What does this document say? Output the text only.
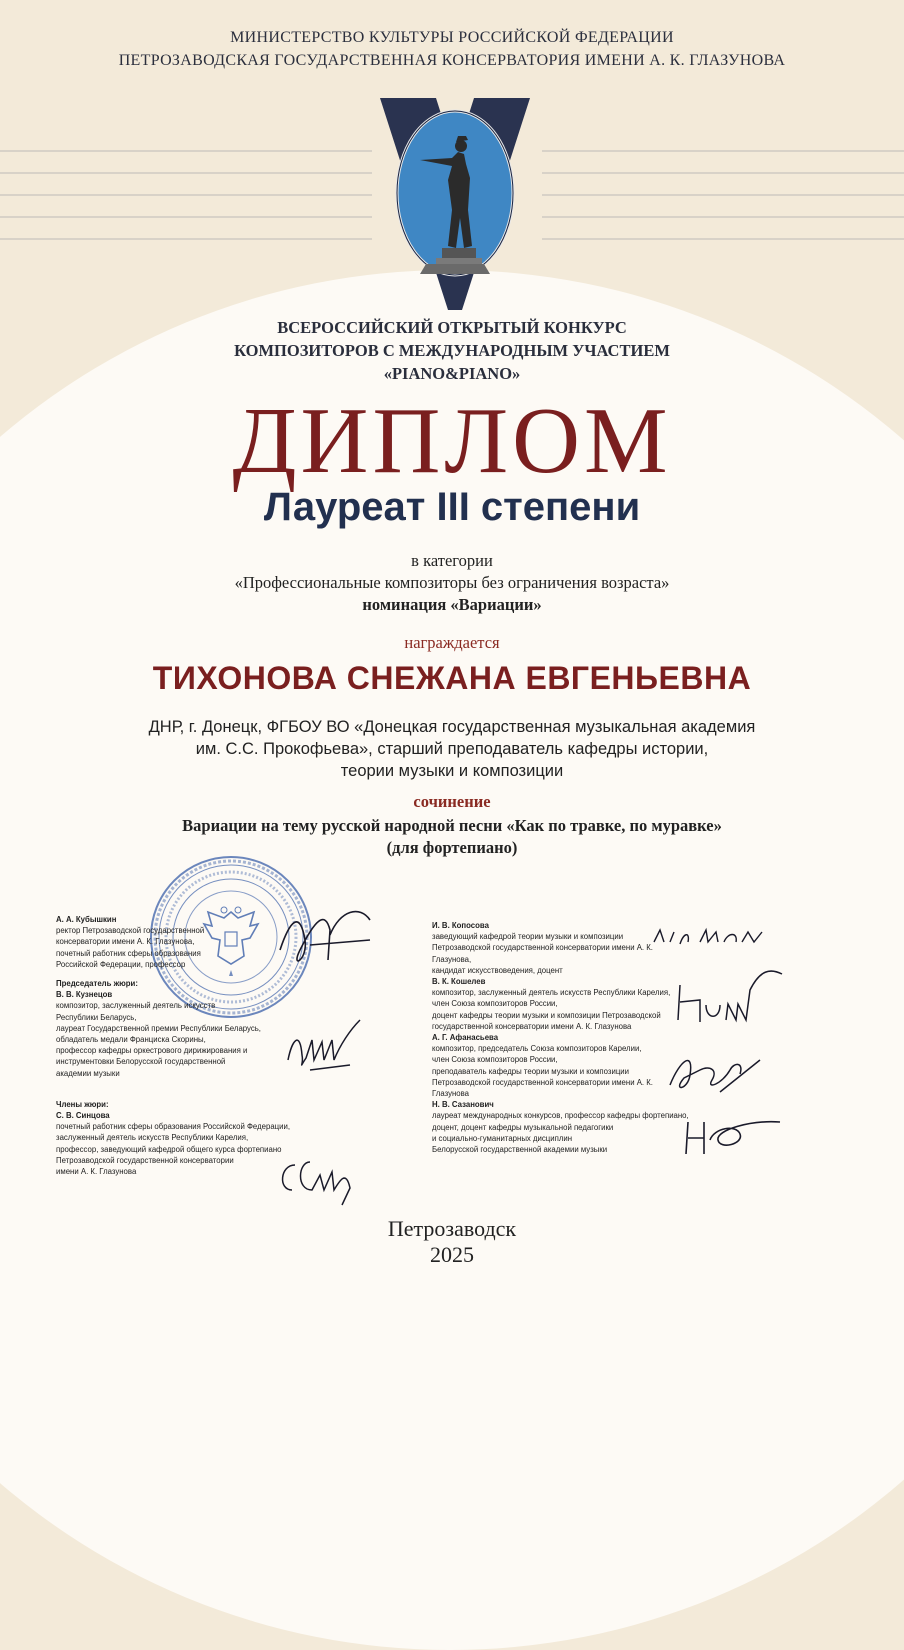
МИНИСТЕРСТВО КУЛЬТУРЫ РОССИЙСКОЙ ФЕДЕРАЦИИ
ПЕТРОЗАВОДСКАЯ ГОСУДАРСТВЕННАЯ КОНСЕРВАТОРИЯ ИМЕНИ А. К. ГЛАЗУНОВА
ВСЕРОССИЙСКИЙ ОТКРЫТЫЙ КОНКУРС
КОМПОЗИТОРОВ С МЕЖДУНАРОДНЫМ УЧАСТИЕМ
«PIANO&PIANO»
ДИПЛОМ
Лауреат III степени
в категории
«Профессиональные композиторы без ограничения возраста»
номинация «Вариации»
награждается
ТИХОНОВА СНЕЖАНА ЕВГЕНЬЕВНА
ДНР, г. Донецк, ФГБОУ ВО «Донецкая государственная музыкальная академия
им. С.С. Прокофьева», старший преподаватель кафедры истории,
теории музыки и композиции
сочинение
Вариации на тему русской народной песни «Как по травке, по муравке»
(для фортепиано)
А. А. Кубышкин
ректор Петрозаводской государственной
консерватории имени А. К. Глазунова,
почетный работник сферы образования
Российской Федерации, профессор
Председатель жюри:
В. В. Кузнецов
композитор, заслуженный деятель искусств
Республики Беларусь,
лауреат Государственной премии Республики Беларусь,
обладатель медали Франциска Скорины,
профессор кафедры оркестрового дирижирования и
инструментовки Белорусской государственной
академии музыки
Члены жюри:
С. В. Синцова
почетный работник сферы образования Российской Федерации,
заслуженный деятель искусств Республики Карелия,
профессор, заведующий кафедрой общего курса фортепиано
Петрозаводской государственной консерватории
имени А. К. Глазунова
И. В. Копосова
заведующий кафедрой теории музыки и композиции
Петрозаводской государственной консерватории имени А. К. Глазунова,
кандидат искусствоведения, доцент
В. К. Кошелев
композитор, заслуженный деятель искусств Республики Карелия,
член Союза композиторов России,
доцент кафедры теории музыки и композиции Петрозаводской
государственной консерватории имени А. К. Глазунова
А. Г. Афанасьева
композитор, председатель Союза композиторов Карелии,
член Союза композиторов России,
преподаватель кафедры теории музыки и композиции
Петрозаводской государственной консерватории имени А. К. Глазунова
Н. В. Сазанович
лауреат международных конкурсов, профессор кафедры фортепиано,
доцент, доцент кафедры музыкальной педагогики
и социально-гуманитарных дисциплин
Белорусской государственной академии музыки
Петрозаводск
2025
